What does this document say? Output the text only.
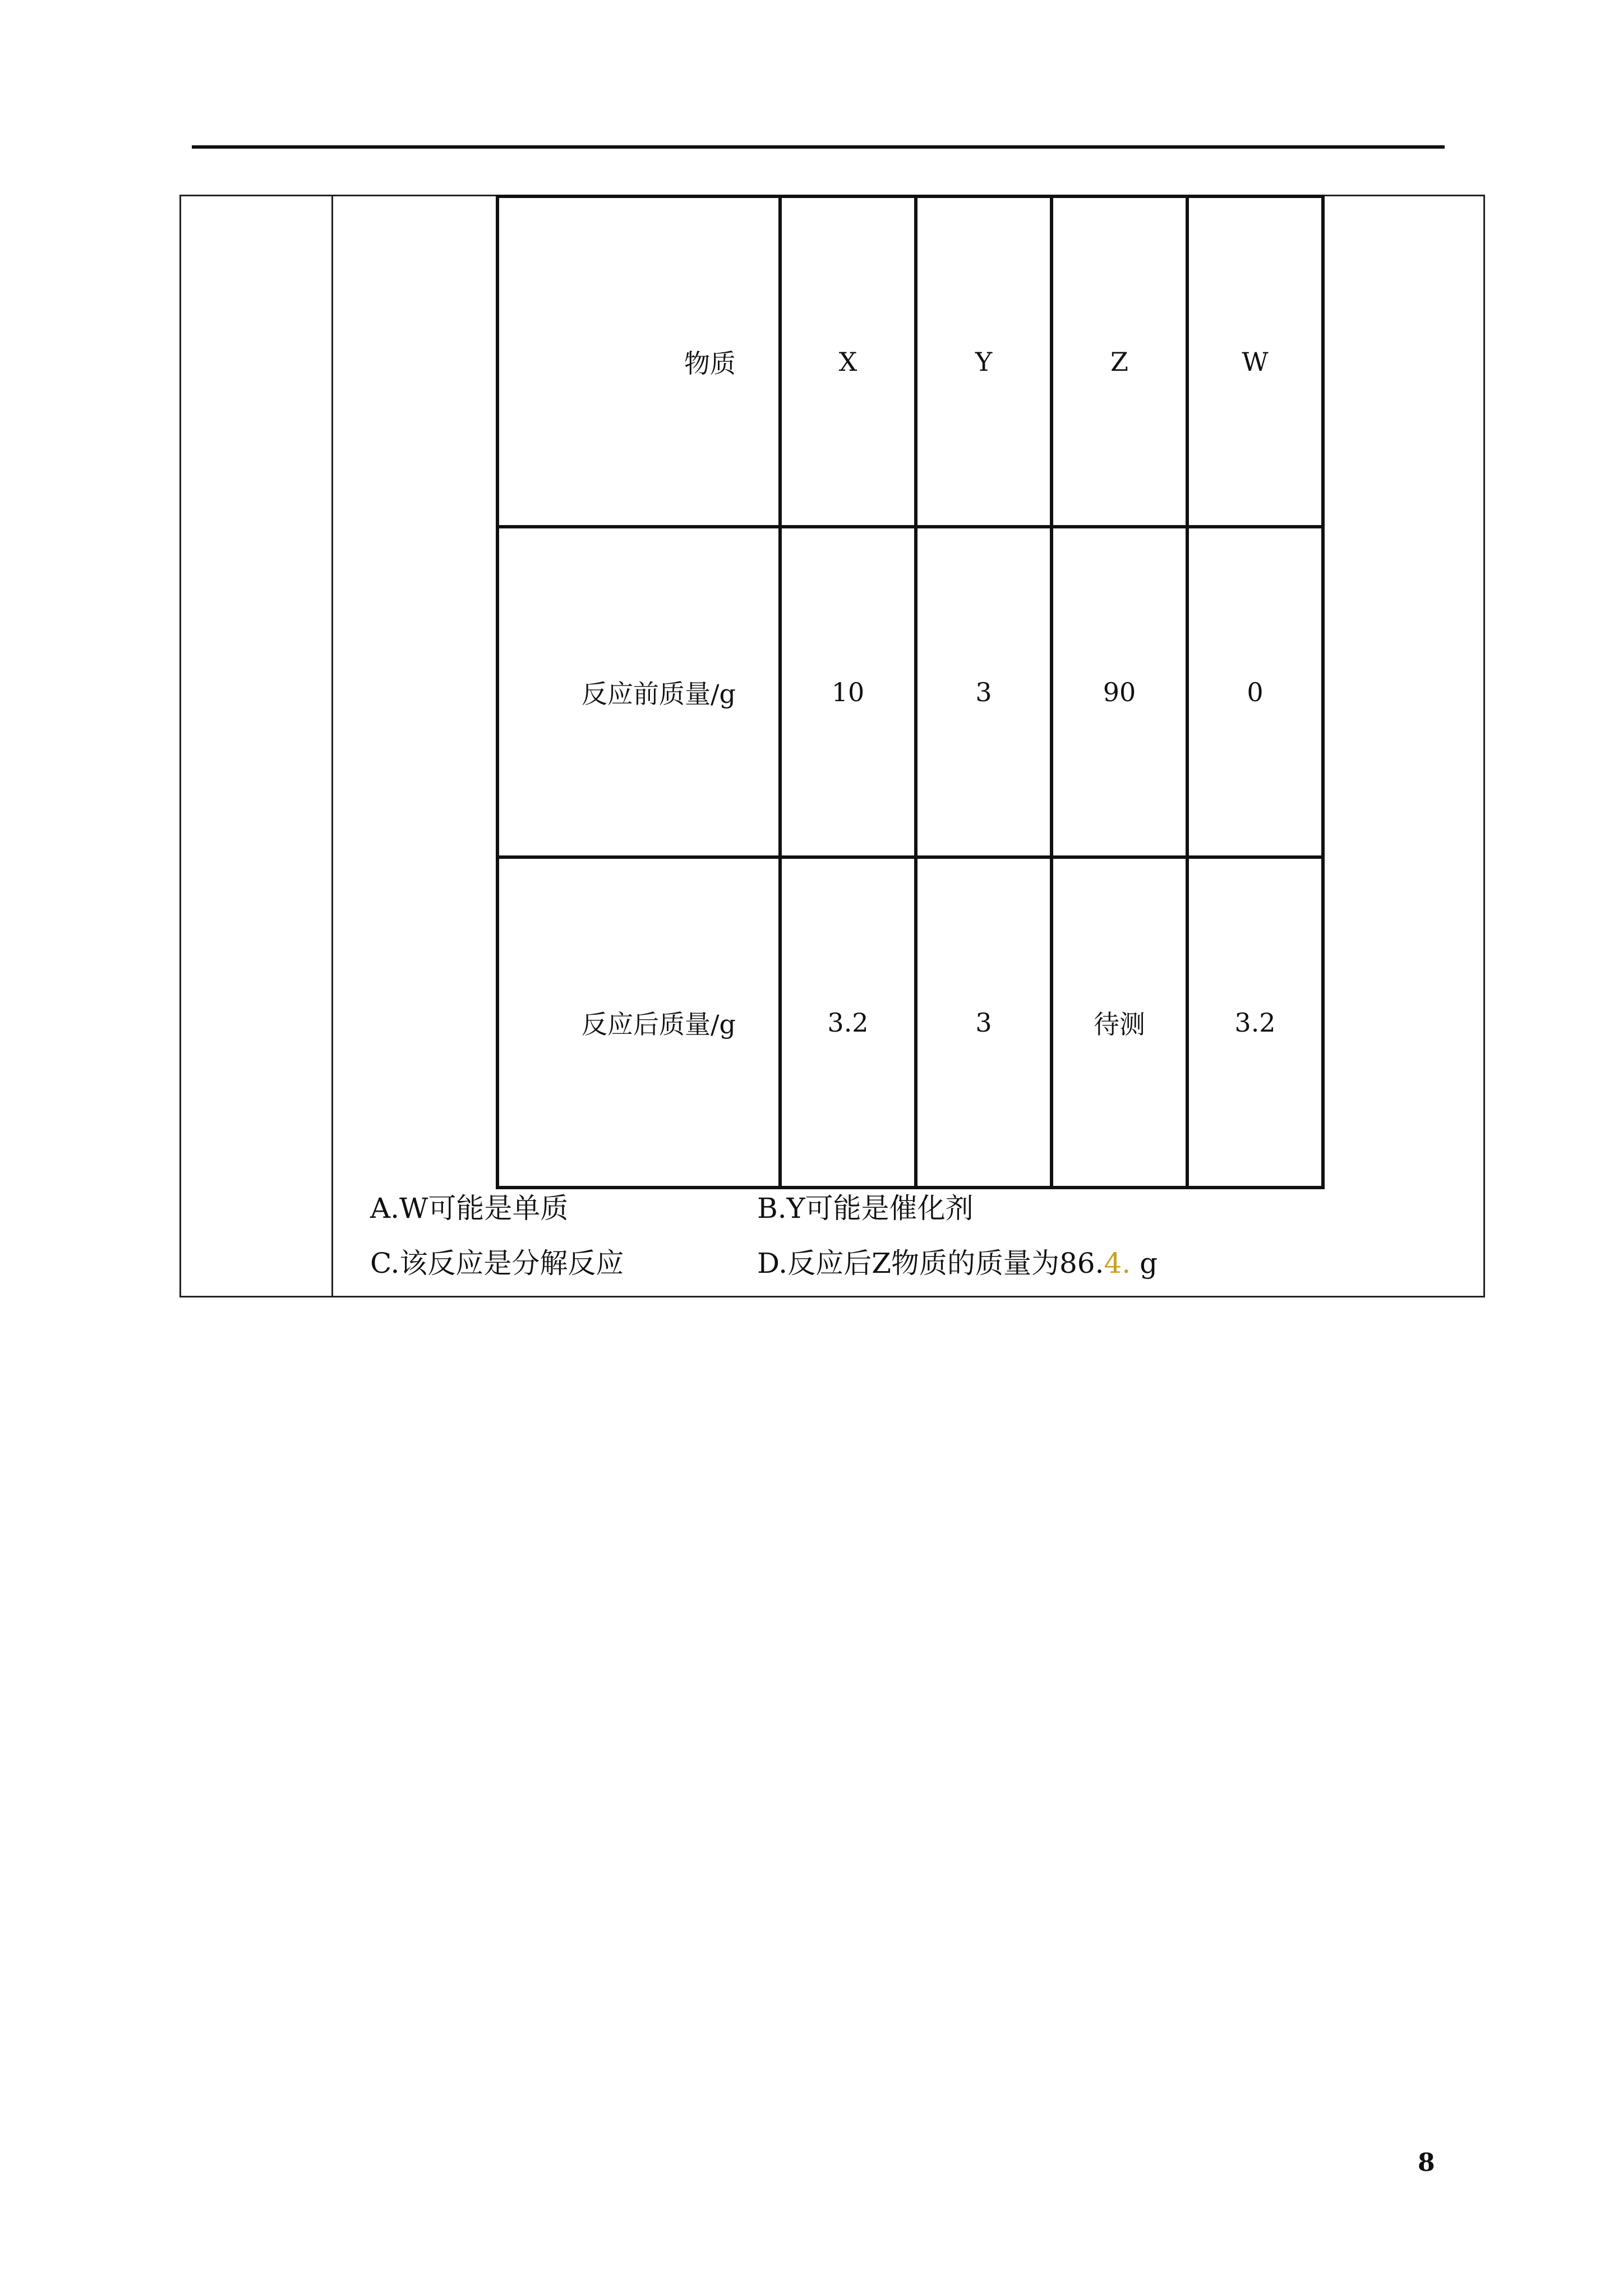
物质	X	Y	Z	W
反应前质量/g	10	3	90	0
反应后质量/g	3.2	3	待测	3.2
A.W可能是单质	B.Y可能是催化剂
C.该反应是分解反应	D.反应后Z物质的质量为86.4. g
8
